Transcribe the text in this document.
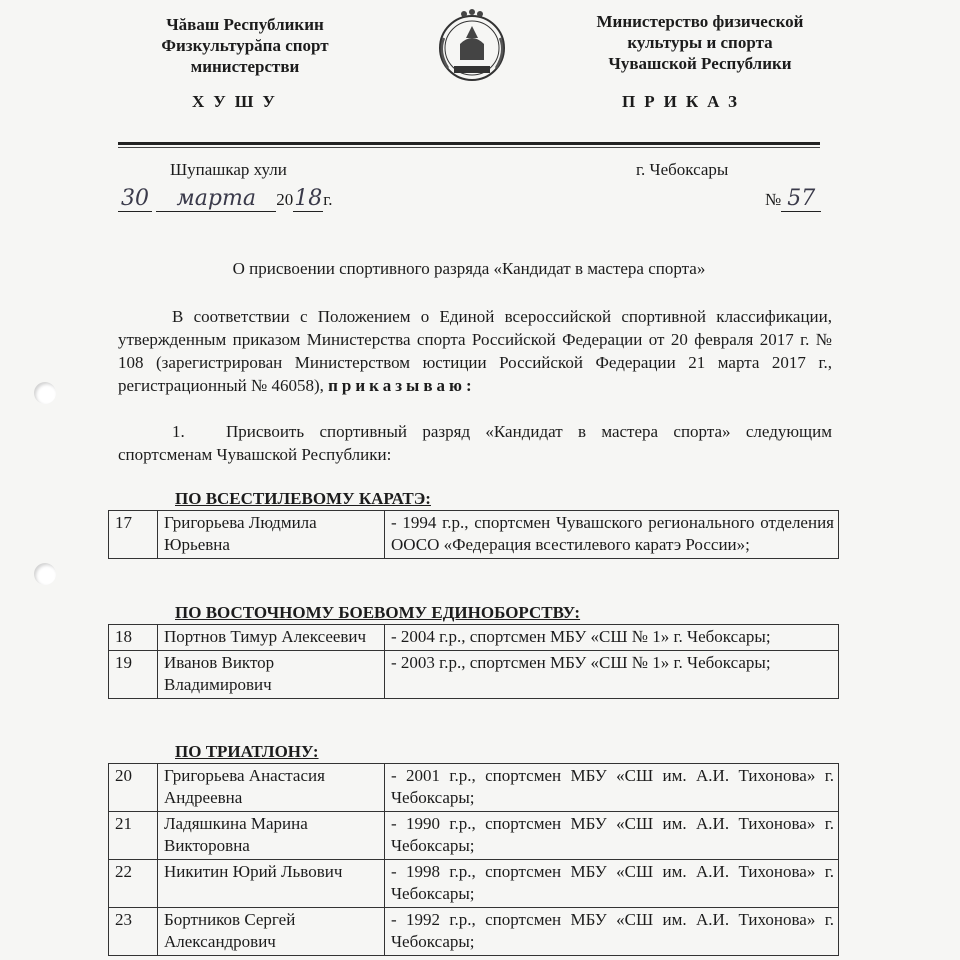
Чăваш Республикин
Физкультурăпа спорт
министерстви
ХУШУ
Министерство физической
культуры и спорта
Чувашской Республики
ПРИКАЗ
Шупашкар хули	г. Чебоксары
30 марта 2018г.	№ 57
О присвоении спортивного разряда «Кандидат в мастера спорта»
В соответствии с Положением о Единой всероссийской спортивной классификации, утвержденным приказом Министерства спорта Российской Федерации от 20 февраля 2017 г. № 108 (зарегистрирован Министерством юстиции Российской Федерации 21 марта 2017 г., регистрационный № 46058), приказываю:
1. Присвоить спортивный разряд «Кандидат в мастера спорта» следующим спортсменам Чувашской Республики:
ПО ВСЕСТИЛЕВОМУ КАРАТЭ:
17	Григорьева Людмила Юрьевна	- 1994 г.р., спортсмен Чувашского регионального отделения ООСО «Федерация всестилевого каратэ России»;
ПО ВОСТОЧНОМУ БОЕВОМУ ЕДИНОБОРСТВУ:
18	Портнов Тимур Алексеевич	- 2004 г.р., спортсмен МБУ «СШ № 1» г. Чебоксары;
19	Иванов Виктор Владимирович	- 2003 г.р., спортсмен МБУ «СШ № 1» г. Чебоксары;
ПО ТРИАТЛОНУ:
20	Григорьева Анастасия Андреевна	- 2001 г.р., спортсмен МБУ «СШ им. А.И. Тихонова» г. Чебоксары;
21	Ладяшкина Марина Викторовна	- 1990 г.р., спортсмен МБУ «СШ им. А.И. Тихонова» г. Чебоксары;
22	Никитин Юрий Львович	- 1998 г.р., спортсмен МБУ «СШ им. А.И. Тихонова» г. Чебоксары;
23	Бортников Сергей Александрович	- 1992 г.р., спортсмен МБУ «СШ им. А.И. Тихонова» г. Чебоксары;
